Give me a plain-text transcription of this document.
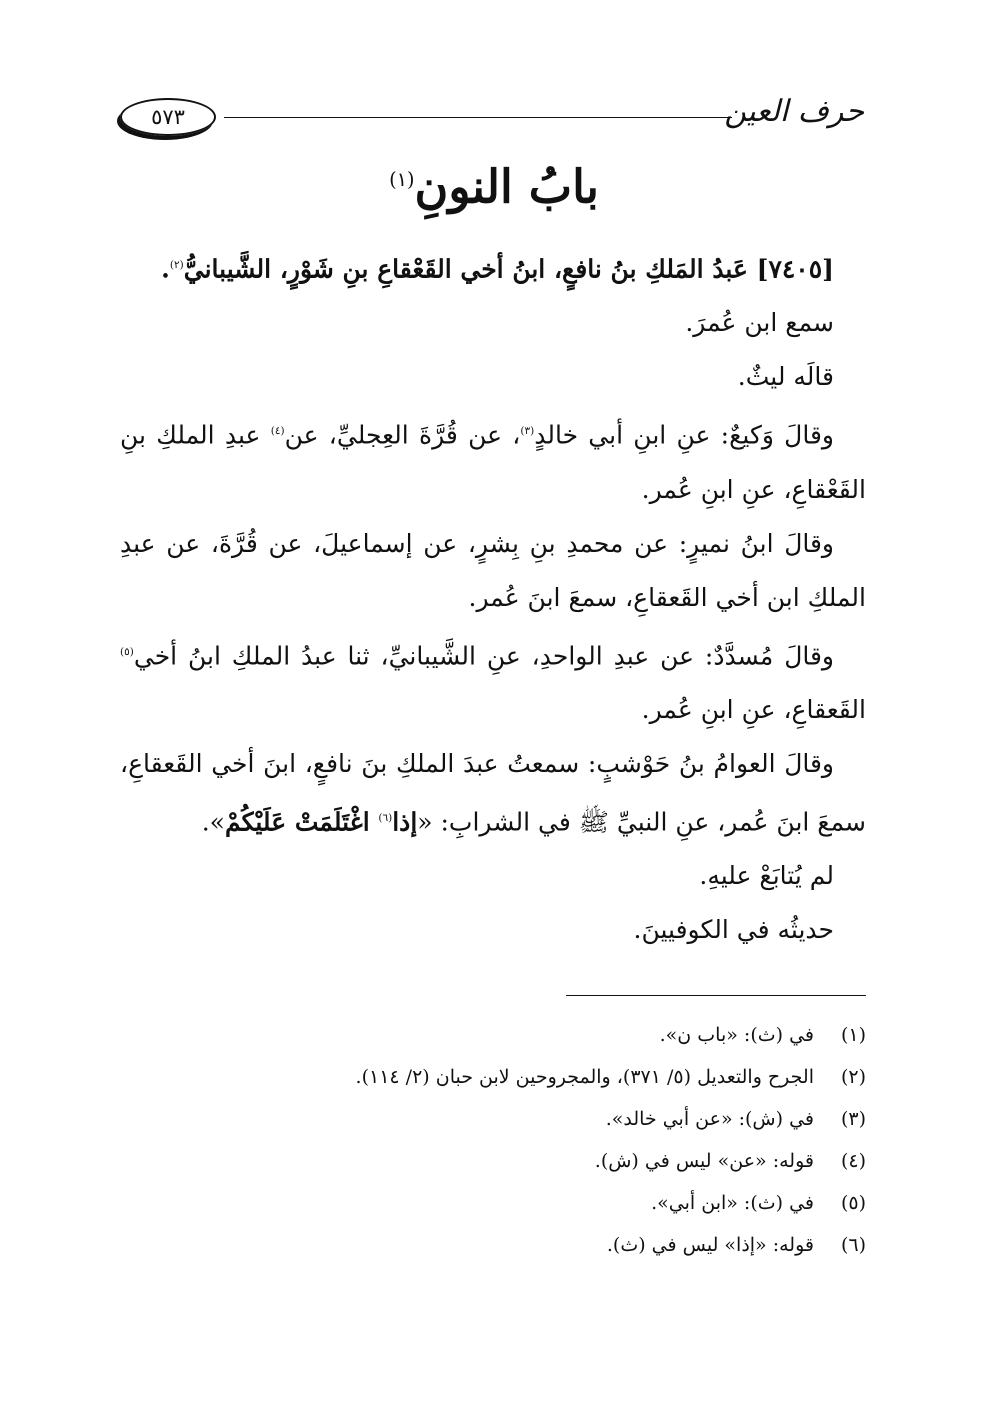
حرف العين
٥٧٣
بابُ النونِ$^{(١)}$

[٧٤٠٥] عَبدُ المَلكِ بنُ نافعٍ، ابنُ أخي القَعْقاعِ بنِ شَوْرٍ، الشَّيبانيُّ$^{(٢)}$.

سمع ابن عُمرَ.

قالَه ليثٌ.

وقالَ وَكيعٌ: عنِ ابنِ أبي خالدٍ$^{(٣)}$، عن قُرَّةَ العِجليِّ، عن$^{(٤)}$ عبدِ الملكِ بنِ القَعْقاعِ، عنِ ابنِ عُمر.

وقالَ ابنُ نميرٍ: عن محمدِ بنِ بِشرٍ، عن إسماعيلَ، عن قُرَّةَ، عن عبدِ الملكِ ابن أخي القَعقاعِ، سمعَ ابنَ عُمر.

وقالَ مُسدَّدٌ: عن عبدِ الواحدِ، عنِ الشَّيبانيِّ، ثنا عبدُ الملكِ ابنُ أخي$^{(٥)}$ القَعقاعِ، عنِ ابنِ عُمر.

وقالَ العوامُ بنُ حَوْشبٍ: سمعتُ عبدَ الملكِ بنَ نافعٍ، ابنَ أخي القَعقاعِ، سمعَ ابنَ عُمر، عنِ النبيِّ ﷺ في الشرابِ: «إذا$^{(٦)}$ اغْتَلَمَتْ عَلَيْكُمْ».

لم يُتابَعْ عليهِ.

حديثُه في الكوفيينَ.

(١)
في (ث): «باب ن».
(٢)
الجرح والتعديل (٥/ ٣٧١)، والمجروحين لابن حبان (٢/ ١١٤).
(٣)
في (ش): «عن أبي خالد».
(٤)
قوله: «عن» ليس في (ش).
(٥)
في (ث): «ابن أبي».
(٦)
قوله: «إذا» ليس في (ث).
